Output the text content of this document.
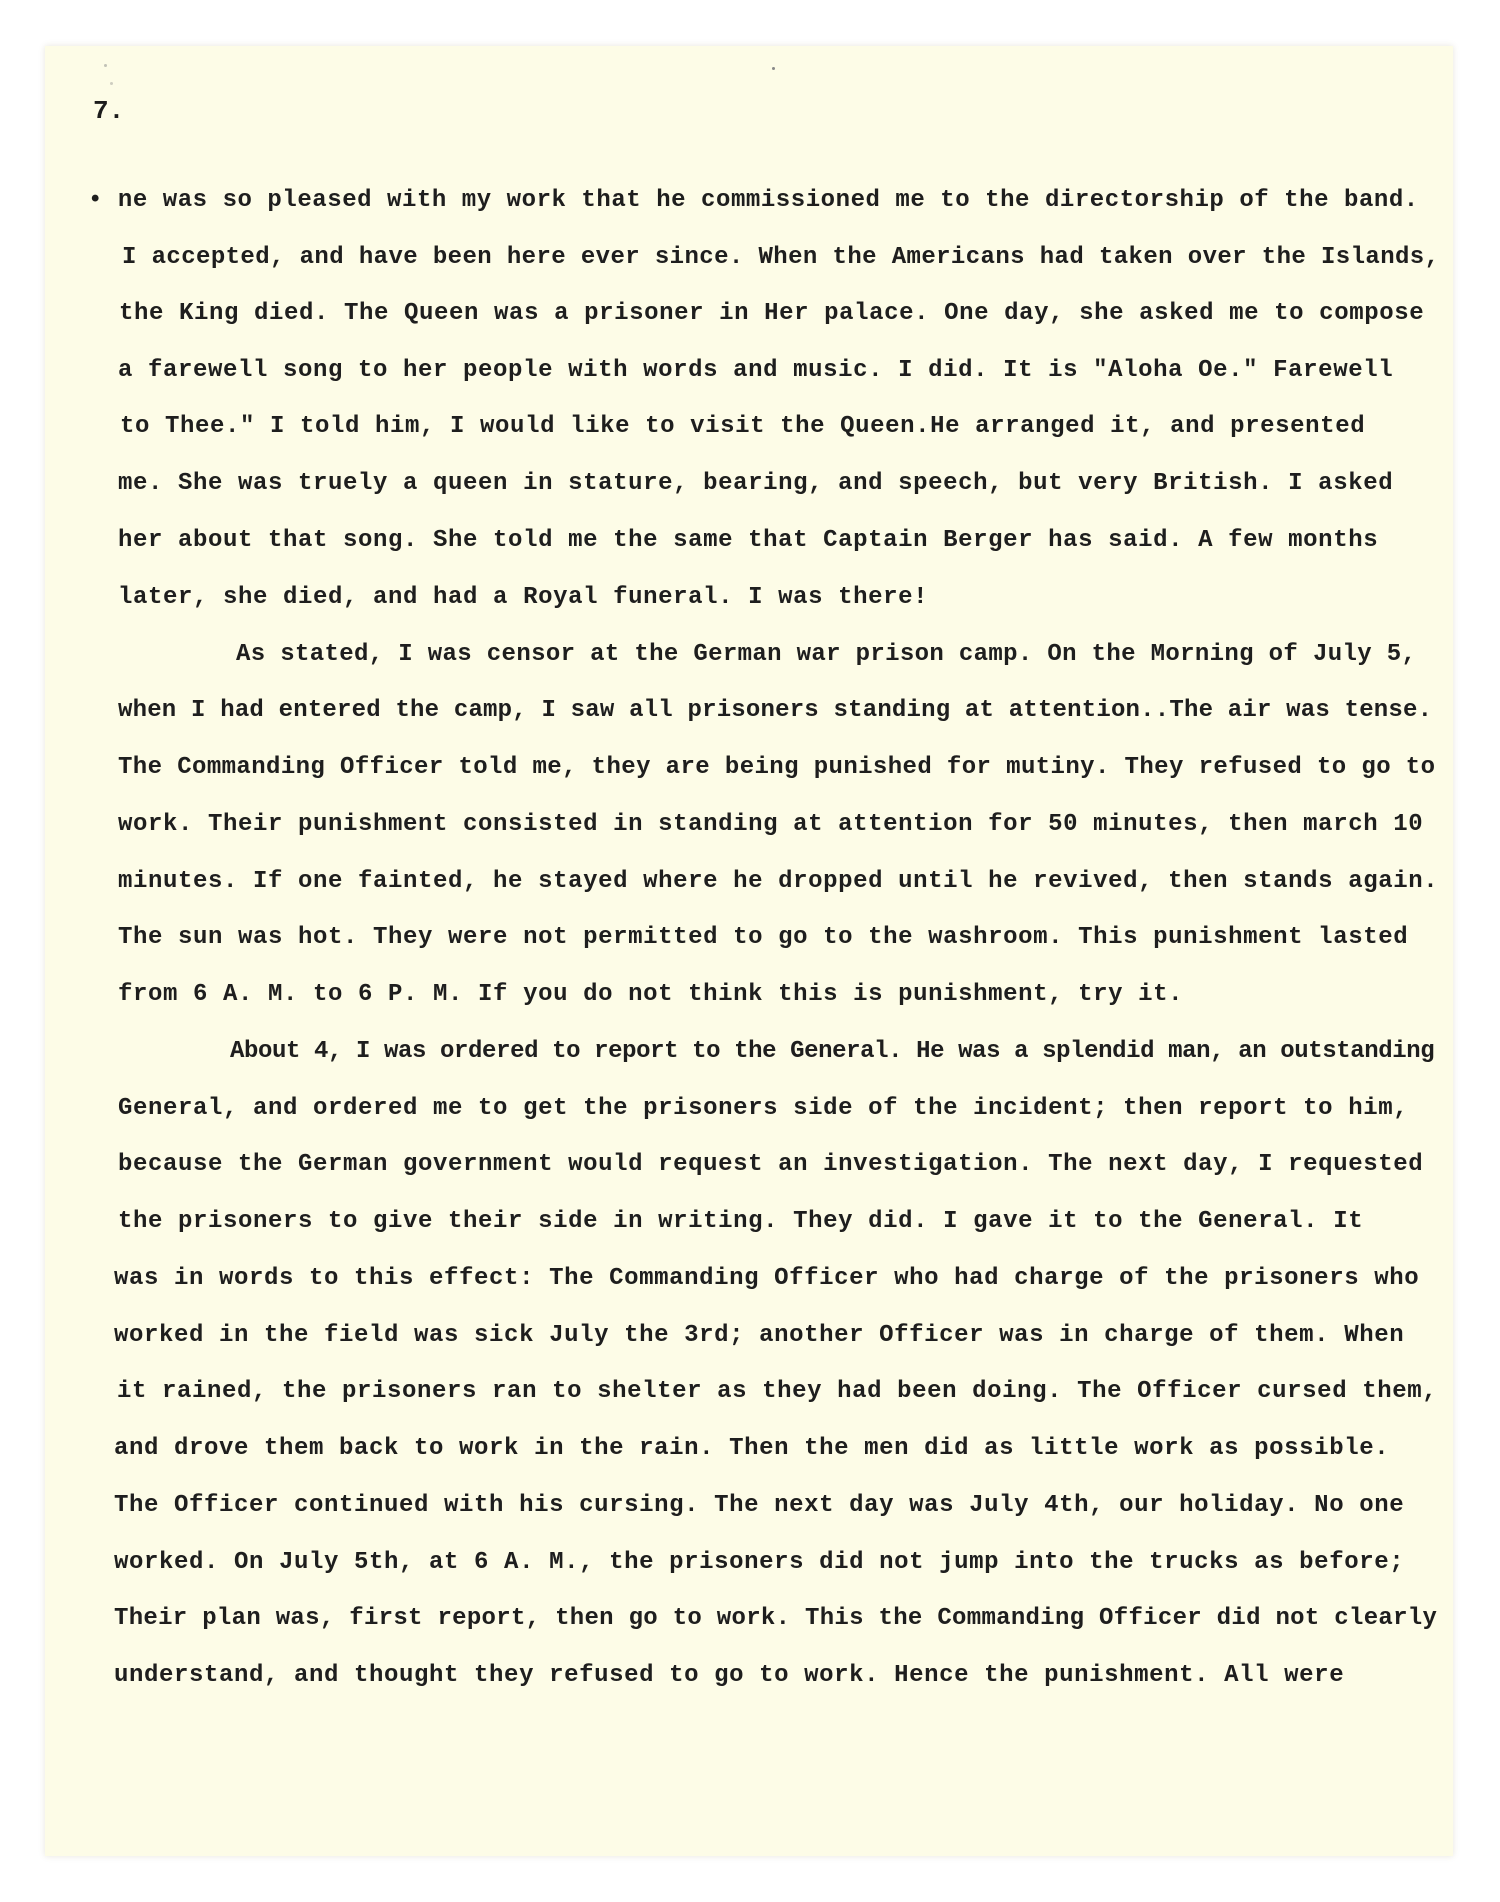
7.
• ne was so pleased with my work that he commissioned me to the directorship of the band.
I accepted, and have been here ever since. When the Americans had taken over the Islands,
the King died. The Queen was a prisoner in Her palace. One day, she asked me to compose
a farewell song to her people with words and music. I did. It is "Aloha Oe." Farewell
to Thee." I told him, I would like to visit the Queen.He arranged it, and presented
me. She was truely a queen in stature, bearing, and speech, but very British. I asked
her about that song. She told me the same that Captain Berger has said. A few months
later, she died, and had a Royal funeral. I was there!
As stated, I was censor at the German war prison camp. On the Morning of July 5,
when I had entered the camp, I saw all prisoners standing at attention..The air was tense.
The Commanding Officer told me, they are being punished for mutiny. They refused to go to
work. Their punishment consisted in standing at attention for 50 minutes, then march 10
minutes. If one fainted, he stayed where he dropped until he revived, then stands again.
The sun was hot. They were not permitted to go to the washroom. This punishment lasted
from 6 A. M. to 6 P. M. If you do not think this is punishment, try it.
About 4, I was ordered to report to the General. He was a splendid man, an outstanding
General, and ordered me to get the prisoners side of the incident; then report to him,
because the German government would request an investigation. The next day, I requested
the prisoners to give their side in writing. They did. I gave it to the General. It
was in words to this effect: The Commanding Officer who had charge of the prisoners who
worked in the field was sick July the 3rd; another Officer was in charge of them. When
it rained, the prisoners ran to shelter as they had been doing. The Officer cursed them,
and drove them back to work in the rain. Then the men did as little work as possible.
The Officer continued with his cursing. The next day was July 4th, our holiday. No one
worked. On July 5th, at 6 A. M., the prisoners did not jump into the trucks as before;
Their plan was, first report, then go to work. This the Commanding Officer did not clearly
understand, and thought they refused to go to work. Hence the punishment. All were
